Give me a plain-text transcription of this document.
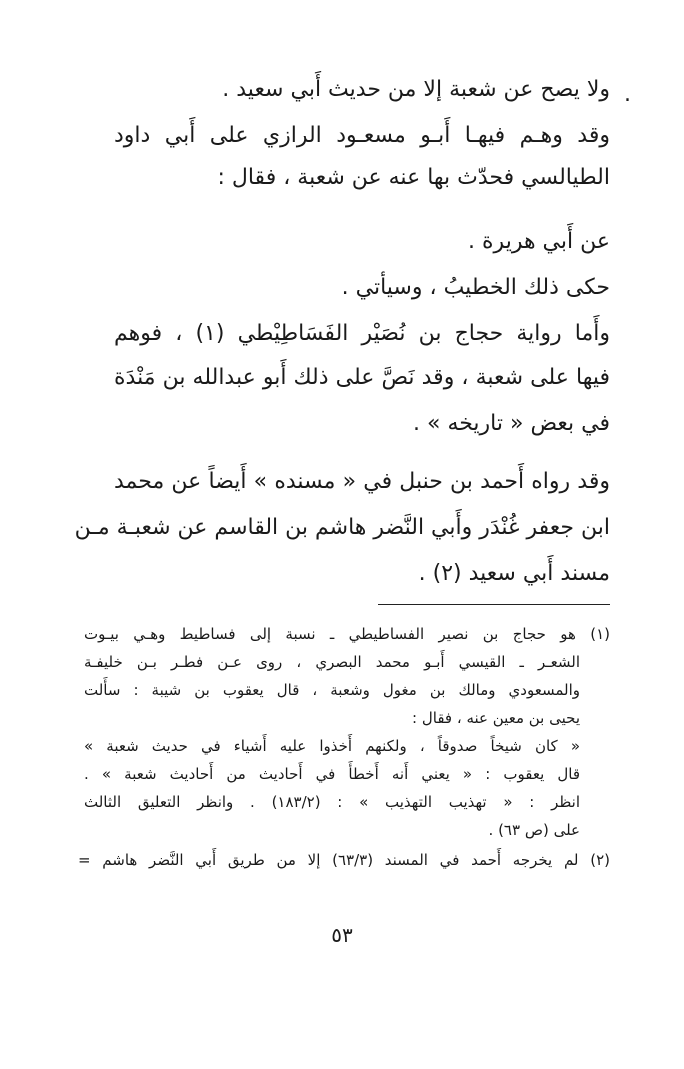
.
ولا يصح عن شعبة إلا من حديث أَبي سعيد .
وقد وهـم فيهـا أَبـو مسعـود الرازي على أَبي داود
الطيالسي فحدّث بها عنه عن شعبة ، فقال :
عن أَبي هريرة .
حكى ذلك الخطيبُ ، وسيأتي .
وأَما رواية حجاج بن نُصَيْر الفَسَاطِيْطي (١) ، فوهم
فيها على شعبة ، وقد نَصَّ على ذلك أَبو عبدالله بن مَنْدَة
في بعض « تاريخه » .
وقد رواه أَحمد بن حنبل في « مسنده » أَيضاً عن محمد
ابن جعفر غُنْدَر وأَبي النَّضر هاشم بن القاسم عن شعبـة مـن
مسند أَبي سعيد (٢) .
(١) هو حجاج بن نصير الفساطيطي ـ نسبة إلى فساطيط وهـي بيـوت
الشعـر ـ القيسي أَبـو محمد البصري ، روى عـن فطـر بـن خليفـة
والمسعودي ومالك بن مغول وشعبة ، قال يعقوب بن شيبة : سأَلت
يحيى بن معين عنه ، فقال :
« كان شيخاً صدوقاً ، ولكنهم أَخذوا عليه أَشياء في حديث شعبة »
قال يعقوب : « يعني أَنه أَخطأَ في أَحاديث من أَحاديث شعبة » .
انظر : « تهذيب التهذيب » : (١٨٣/٢) . وانظر التعليق الثالث
على (ص ٦٣) .
(٢) لم يخرجه أَحمد في المسند (٦٣/٣) إلا من طريق أَبي النَّضر هاشم =
٥٣
